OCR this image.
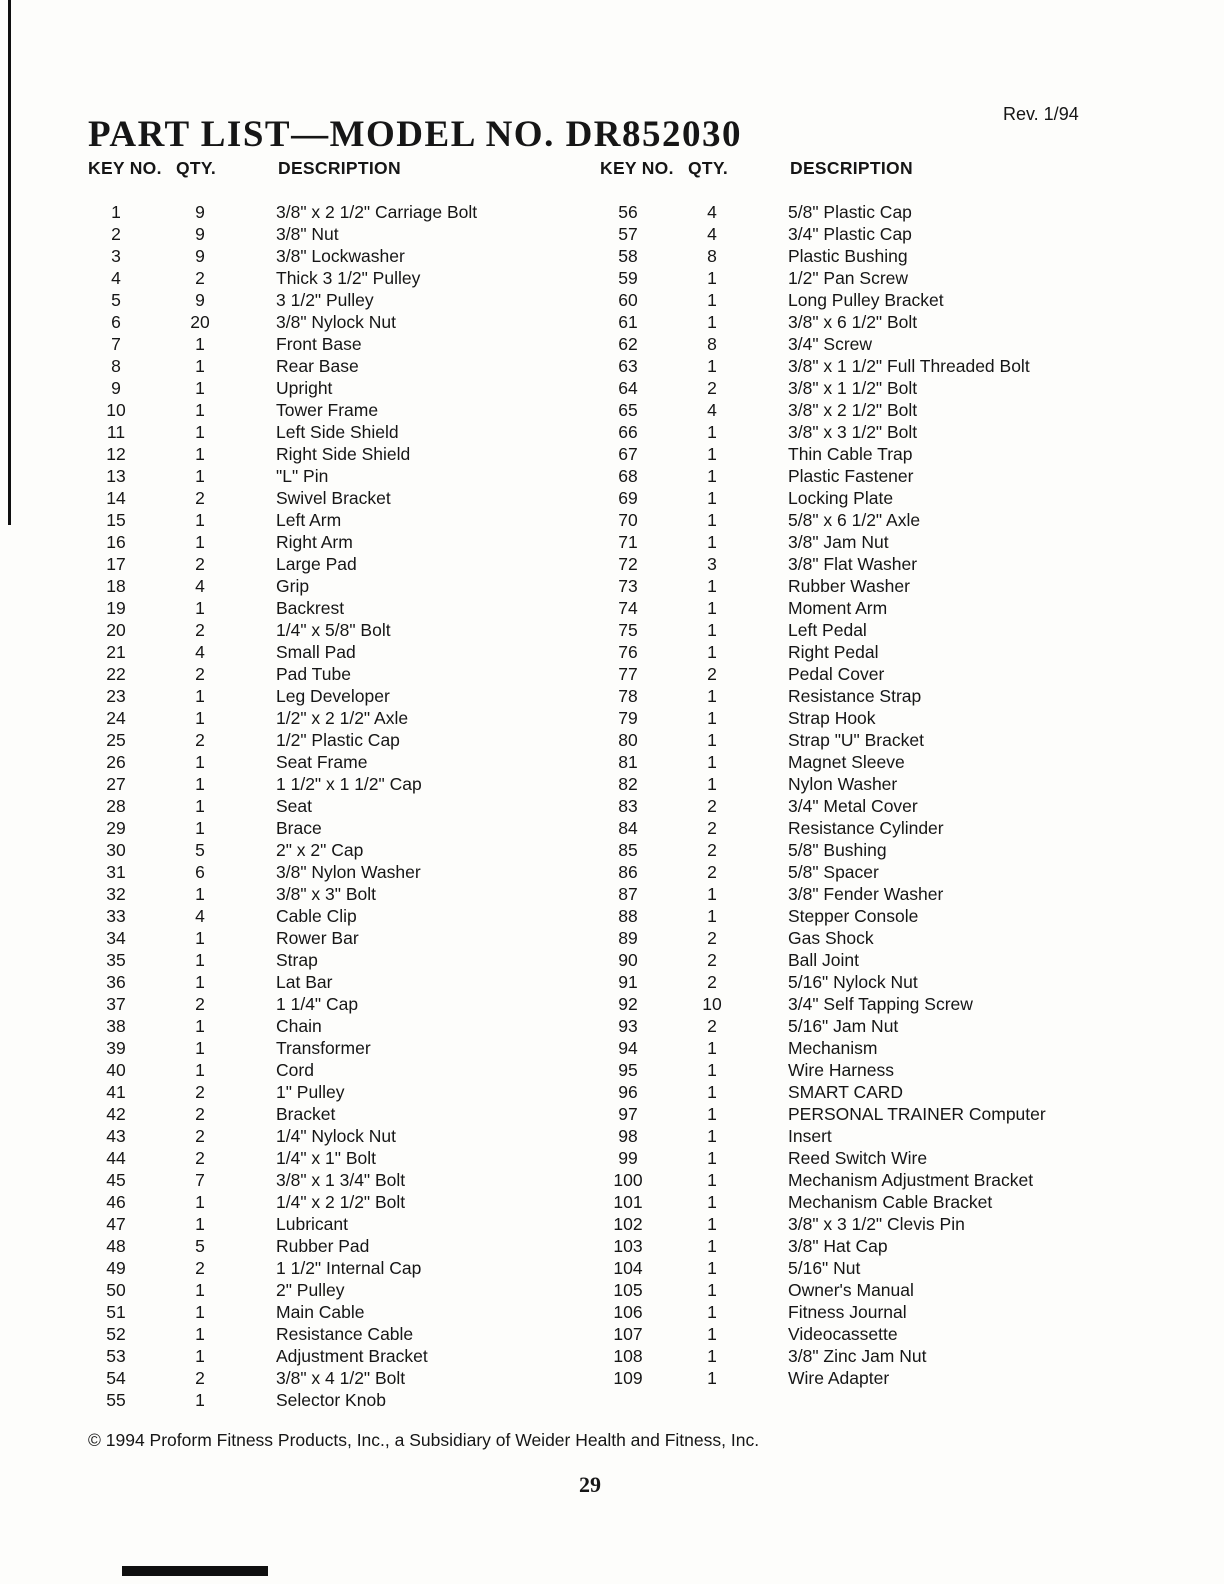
PART LIST—MODEL NO. DR852030	Rev. 1/94
KEY NO. QTY.	DESCRIPTION
1	9	3/8" x 2 1/2" Carriage Bolt
2	9	3/8" Nut
3	9	3/8" Lockwasher
4	2	Thick 3 1/2" Pulley
5	9	3 1/2" Pulley
6	20	3/8" Nylock Nut
7	1	Front Base
8	1	Rear Base
9	1	Upright
10	1	Tower Frame
11	1	Left Side Shield
12	1	Right Side Shield
13	1	"L" Pin
14	2	Swivel Bracket
15	1	Left Arm
16	1	Right Arm
17	2	Large Pad
18	4	Grip
19	1	Backrest
20	2	1/4" x 5/8" Bolt
21	4	Small Pad
22	2	Pad Tube
23	1	Leg Developer
24	1	1/2" x 2 1/2" Axle
25	2	1/2" Plastic Cap
26	1	Seat Frame
27	1	1 1/2" x 1 1/2" Cap
28	1	Seat
29	1	Brace
30	5	2" x 2" Cap
31	6	3/8" Nylon Washer
32	1	3/8" x 3" Bolt
33	4	Cable Clip
34	1	Rower Bar
35	1	Strap
36	1	Lat Bar
37	2	1 1/4" Cap
38	1	Chain
39	1	Transformer
40	1	Cord
41	2	1" Pulley
42	2	Bracket
43	2	1/4" Nylock Nut
44	2	1/4" x 1" Bolt
45	7	3/8" x 1 3/4" Bolt
46	1	1/4" x 2 1/2" Bolt
47	1	Lubricant
48	5	Rubber Pad
49	2	1 1/2" Internal Cap
50	1	2" Pulley
51	1	Main Cable
52	1	Resistance Cable
53	1	Adjustment Bracket
54	2	3/8" x 4 1/2" Bolt
55	1	Selector Knob
KEY NO. QTY.	DESCRIPTION
56	4	5/8" Plastic Cap
57	4	3/4" Plastic Cap
58	8	Plastic Bushing
59	1	1/2" Pan Screw
60	1	Long Pulley Bracket
61	1	3/8" x 6 1/2" Bolt
62	8	3/4" Screw
63	1	3/8" x 1 1/2" Full Threaded Bolt
64	2	3/8" x 1 1/2" Bolt
65	4	3/8" x 2 1/2" Bolt
66	1	3/8" x 3 1/2" Bolt
67	1	Thin Cable Trap
68	1	Plastic Fastener
69	1	Locking Plate
70	1	5/8" x 6 1/2" Axle
71	1	3/8" Jam Nut
72	3	3/8" Flat Washer
73	1	Rubber Washer
74	1	Moment Arm
75	1	Left Pedal
76	1	Right Pedal
77	2	Pedal Cover
78	1	Resistance Strap
79	1	Strap Hook
80	1	Strap "U" Bracket
81	1	Magnet Sleeve
82	1	Nylon Washer
83	2	3/4" Metal Cover
84	2	Resistance Cylinder
85	2	5/8" Bushing
86	2	5/8" Spacer
87	1	3/8" Fender Washer
88	1	Stepper Console
89	2	Gas Shock
90	2	Ball Joint
91	2	5/16" Nylock Nut
92	10	3/4" Self Tapping Screw
93	2	5/16" Jam Nut
94	1	Mechanism
95	1	Wire Harness
96	1	SMART CARD
97	1	PERSONAL TRAINER Computer
98	1	Insert
99	1	Reed Switch Wire
100	1	Mechanism Adjustment Bracket
101	1	Mechanism Cable Bracket
102	1	3/8" x 3 1/2" Clevis Pin
103	1	3/8" Hat Cap
104	1	5/16" Nut
105	1	Owner's Manual
106	1	Fitness Journal
107	1	Videocassette
108	1	3/8" Zinc Jam Nut
109	1	Wire Adapter
© 1994 Proform Fitness Products, Inc., a Subsidiary of Weider Health and Fitness, Inc.
29
